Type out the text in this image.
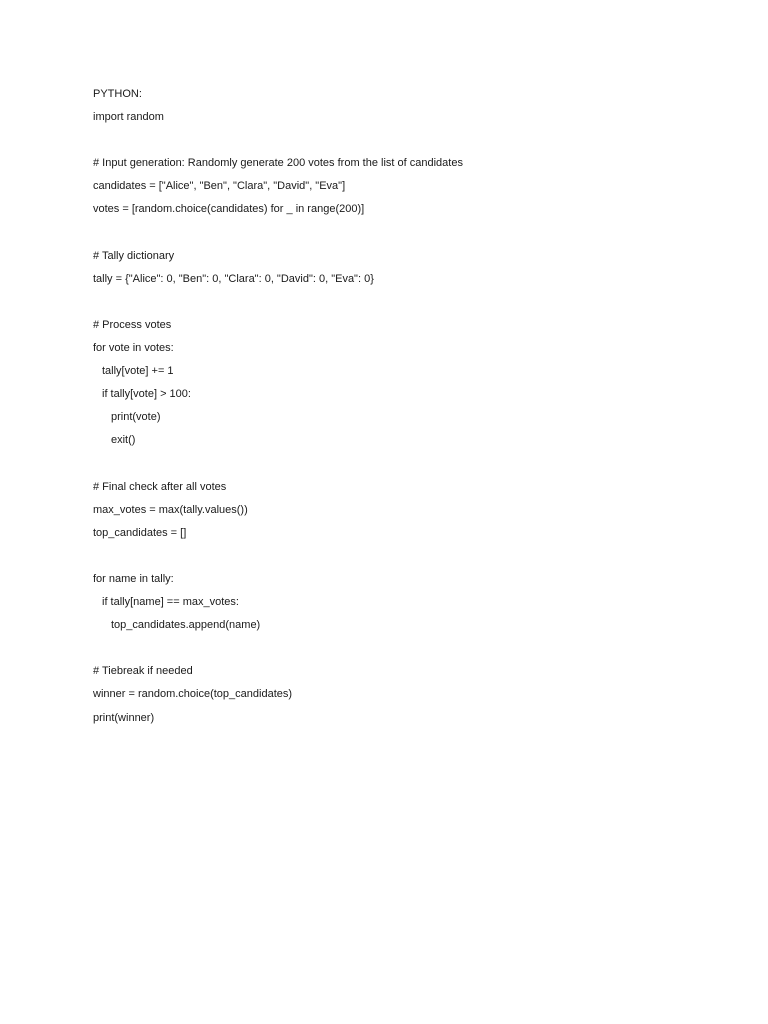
PYTHON:
import random
# Input generation: Randomly generate 200 votes from the list of candidates
candidates = ["Alice", "Ben", "Clara", "David", "Eva"]
votes = [random.choice(candidates) for _ in range(200)]
# Tally dictionary
tally = {"Alice": 0, "Ben": 0, "Clara": 0, "David": 0, "Eva": 0}
# Process votes
for vote in votes:
tally[vote] += 1
if tally[vote] > 100:
print(vote)
exit()
# Final check after all votes
max_votes = max(tally.values())
top_candidates = []
for name in tally:
if tally[name] == max_votes:
top_candidates.append(name)
# Tiebreak if needed
winner = random.choice(top_candidates)
print(winner)
